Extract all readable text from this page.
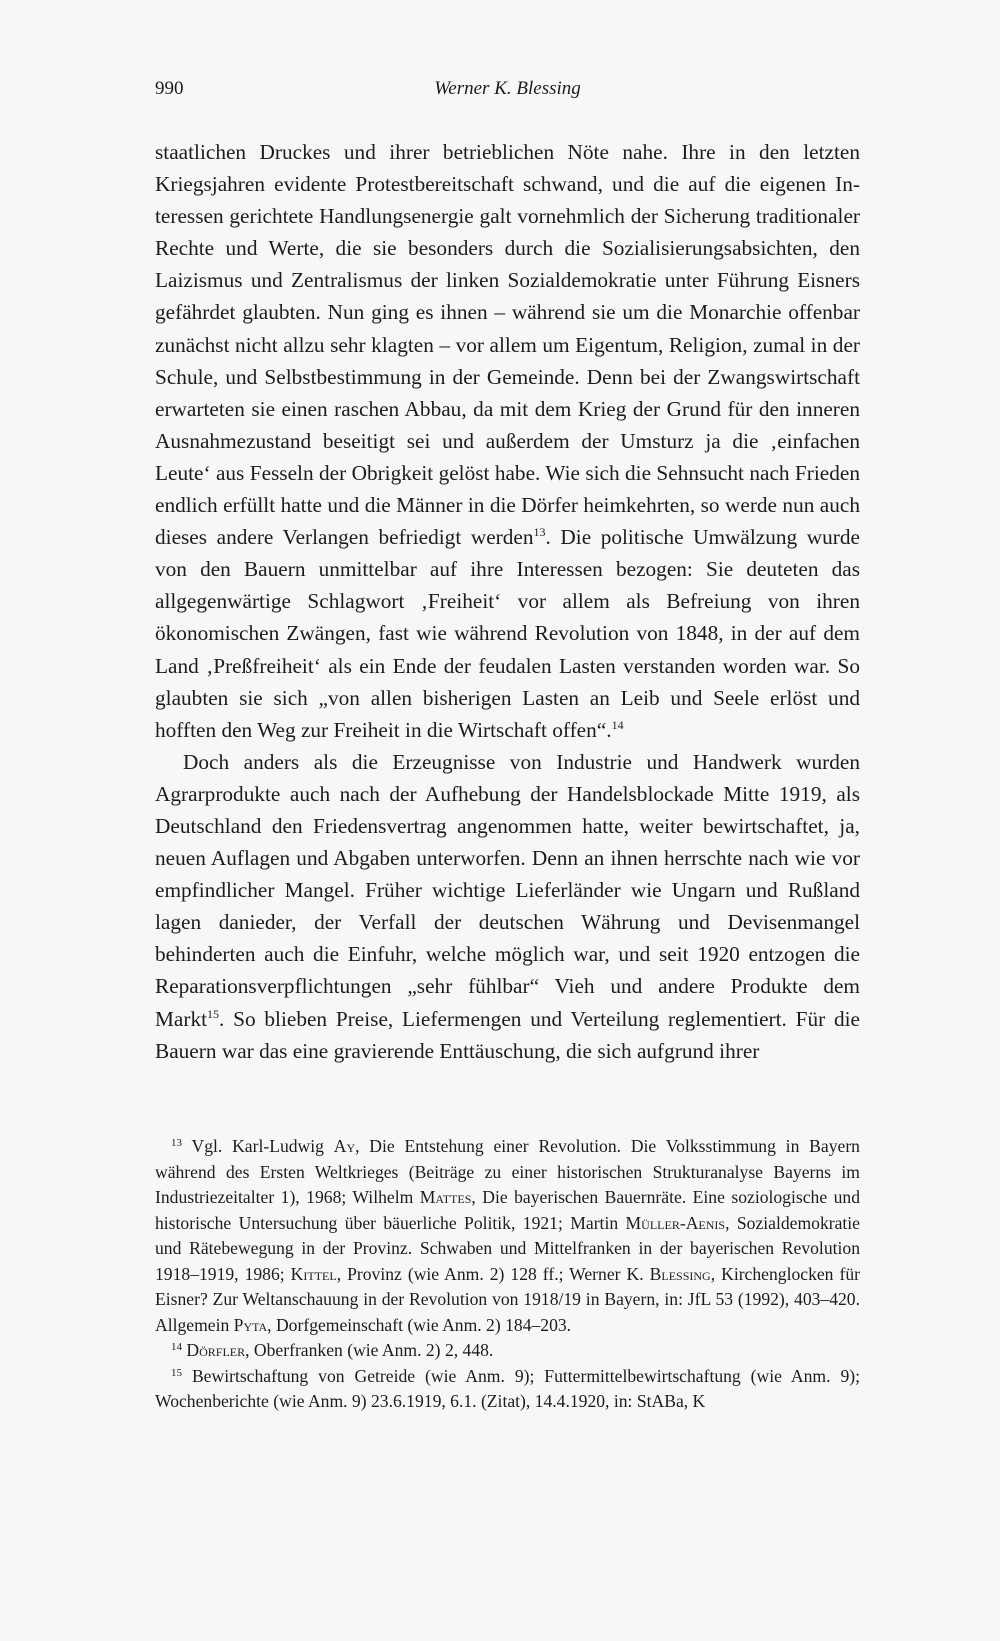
990	Werner K. Blessing

staatlichen Druckes und ihrer betrieblichen Nöte nahe. Ihre in den letzten Kriegsjahren evidente Protestbereitschaft schwand, und die auf die eigenen Interessen gerichtete Handlungsenergie galt vornehmlich der Sicherung traditionaler Rechte und Werte, die sie besonders durch die Sozialisierungsabsichten, den Laizismus und Zentralismus der linken Sozialdemokratie unter Führung Eisners gefährdet glaubten. Nun ging es ihnen – während sie um die Monarchie offenbar zunächst nicht allzu sehr klagten – vor allem um Eigentum, Religion, zumal in der Schule, und Selbstbestimmung in der Gemeinde. Denn bei der Zwangswirtschaft erwarteten sie einen raschen Abbau, da mit dem Krieg der Grund für den inneren Ausnahmezustand beseitigt sei und außerdem der Umsturz ja die ‚einfachen Leute‘ aus Fesseln der Obrigkeit gelöst habe. Wie sich die Sehnsucht nach Frieden endlich erfüllt hatte und die Männer in die Dörfer heimkehrten, so werde nun auch dieses andere Verlangen befriedigt werden$^{13}$. Die politische Umwälzung wurde von den Bauern unmittelbar auf ihre Interessen bezogen: Sie deuteten das allgegenwärtige Schlagwort ‚Freiheit‘ vor allem als Befreiung von ihren ökonomischen Zwängen, fast wie während Revolution von 1848, in der auf dem Land ‚Preßfreiheit‘ als ein Ende der feudalen Lasten verstanden worden war. So glaubten sie sich „von allen bisherigen Lasten an Leib und Seele erlöst und hofften den Weg zur Freiheit in die Wirtschaft offen“.$^{14}$

Doch anders als die Erzeugnisse von Industrie und Handwerk wurden Agrarprodukte auch nach der Aufhebung der Handelsblockade Mitte 1919, als Deutschland den Friedensvertrag angenommen hatte, weiter bewirtschaftet, ja, neuen Auflagen und Abgaben unterworfen. Denn an ihnen herrschte nach wie vor empfindlicher Mangel. Früher wichtige Lieferländer wie Ungarn und Rußland lagen danieder, der Verfall der deutschen Währung und Devisenmangel behinderten auch die Einfuhr, welche möglich war, und seit 1920 entzogen die Reparationsverpflichtungen „sehr fühlbar“ Vieh und andere Produkte dem Markt$^{15}$. So blieben Preise, Liefermengen und Verteilung reglementiert. Für die Bauern war das eine gravierende Enttäuschung, die sich aufgrund ihrer

$^{13}$ Vgl. Karl-Ludwig Ay, Die Entstehung einer Revolution. Die Volksstimmung in Bayern während des Ersten Weltkrieges (Beiträge zu einer historischen Strukturanalyse Bayerns im Industriezeitalter 1), 1968; Wilhelm Mattes, Die bayerischen Bauernräte. Eine soziologische und historische Untersuchung über bäuerliche Politik, 1921; Martin Müller-Aenis, Sozialdemokratie und Rätebewegung in der Provinz. Schwaben und Mittelfranken in der bayerischen Revolution 1918–1919, 1986; Kittel, Provinz (wie Anm. 2) 128 ff.; Werner K. Blessing, Kirchenglocken für Eisner? Zur Weltanschauung in der Revolution von 1918/19 in Bayern, in: JfL 53 (1992), 403–420. Allgemein Pyta, Dorfgemeinschaft (wie Anm. 2) 184–203.

$^{14}$ Dörfler, Oberfranken (wie Anm. 2) 2, 448.

$^{15}$ Bewirtschaftung von Getreide (wie Anm. 9); Futtermittelbewirtschaftung (wie Anm. 9); Wochenberichte (wie Anm. 9) 23.6.1919, 6.1. (Zitat), 14.4.1920, in: StABa, K
